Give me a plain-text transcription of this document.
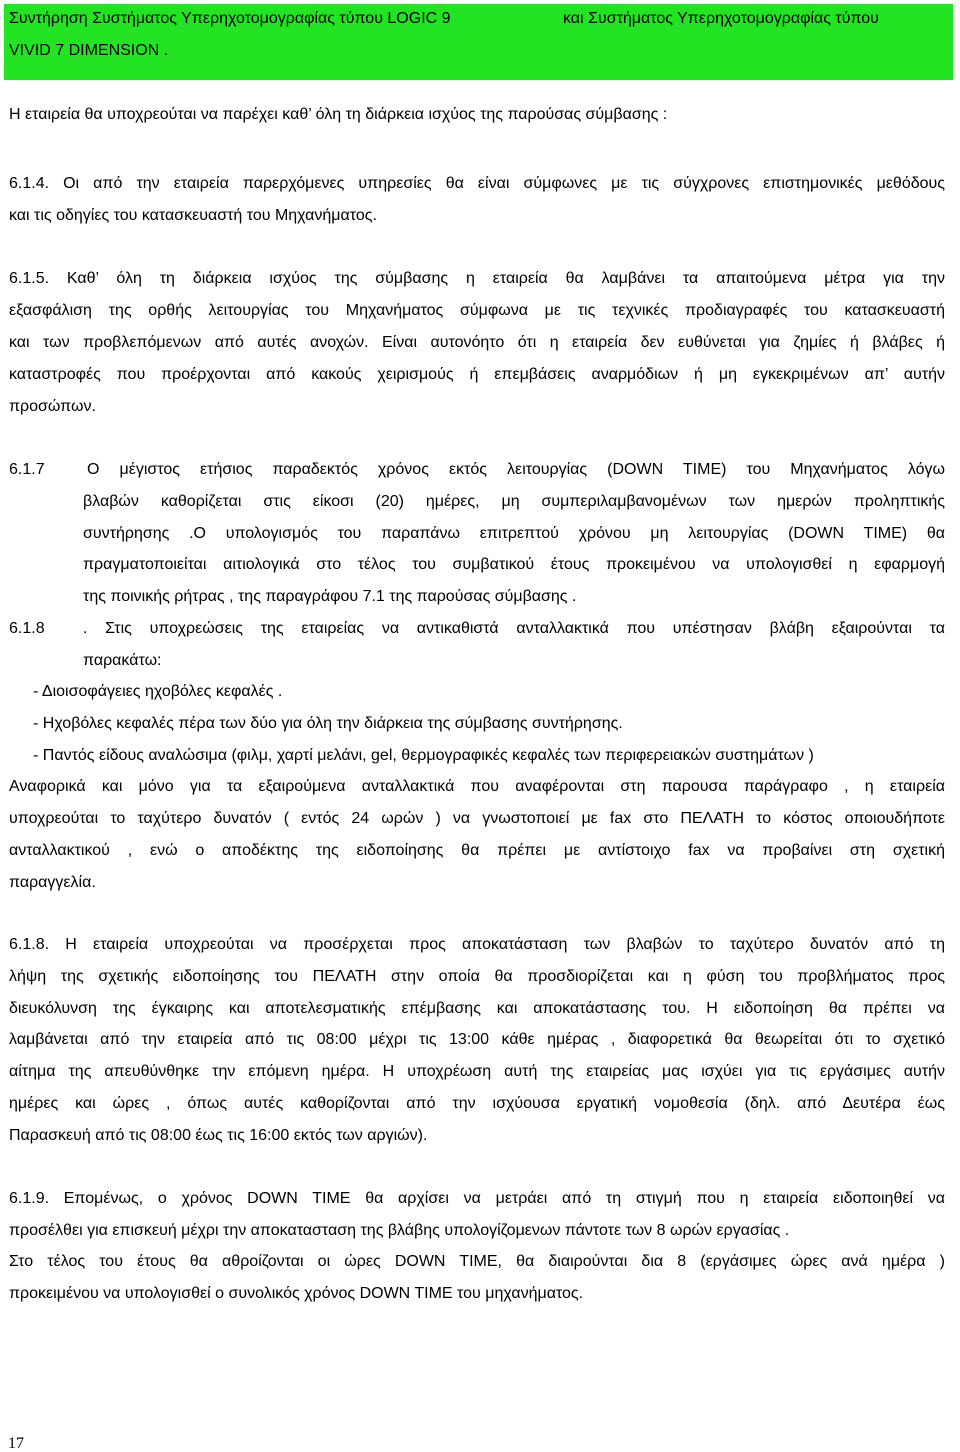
Συντήρηση Συστήματος Υπερηχοτομογραφίας τύπου LOGIC 9	και Συστήματος Υπερηχοτομογραφίας τύπου

VIVID 7 DIMENSION .

Η εταιρεία θα υποχρεούται να παρέχει καθ’ όλη τη διάρκεια ισχύος της παρούσας σύμβασης :

6.1.4. Οι από την εταιρεία παρερχόμενες υπηρεσίες θα είναι σύμφωνες με τις σύγχρονες επιστημονικές μεθόδους

και τις οδηγίες του κατασκευαστή του Μηχανήματος.

6.1.5. Καθ’ όλη τη διάρκεια ισχύος της σύμβασης η εταιρεία θα λαμβάνει τα απαιτούμενα μέτρα για την

εξασφάλιση της ορθής λειτουργίας του Μηχανήματος σύμφωνα με τις τεχνικές προδιαγραφές του κατασκευαστή

και των προβλεπόμενων από αυτές ανοχών. Είναι αυτονόητο ότι η εταιρεία δεν ευθύνεται για ζημίες ή βλάβες ή

καταστροφές που προέρχονται από κακούς χειρισμούς ή επεμβάσεις αναρμόδιων ή μη εγκεκριμένων απ’ αυτήν

προσώπων.

6.1.7	Ο μέγιστος ετήσιος παραδεκτός χρόνος εκτός λειτουργίας (DOWN TIME) του Μηχανήματος λόγω

βλαβών καθορίζεται στις είκοσι (20) ημέρες, μη συμπεριλαμβανομένων των ημερών προληπτικής

συντήρησης .Ο υπολογισμός του παραπάνω επιτρεπτού χρόνου μη λειτουργίας (DOWN TIME) θα

πραγματοποιείται αιτιολογικά στο τέλος του συμβατικού έτους προκειμένου να υπολογισθεί η εφαρμογή

της ποινικής ρήτρας , της παραγράφου 7.1 της παρούσας σύμβασης .

6.1.8 . Στις υποχρεώσεις της εταιρείας να αντικαθιστά ανταλλακτικά που υπέστησαν βλάβη εξαιρούνται τα

παρακάτω:

- Διοισοφάγειες ηχοβόλες κεφαλές .

- Ηχοβόλες κεφαλές πέρα των δύο για όλη την διάρκεια της σύμβασης συντήρησης.

- Παντός είδους αναλώσιμα (φιλμ, χαρτί μελάνι, gel, θερμογραφικές κεφαλές των περιφερειακών συστημάτων )

Αναφορικά και μόνο για τα εξαιρούμενα ανταλλακτικά που αναφέρονται στη παρουσα παράγραφο , η εταιρεία

υποχρεούται το ταχύτερο δυνατόν ( εντός 24 ωρών ) να γνωστοποιεί με fax στο ΠΕΛΑΤΗ το κόστος οποιουδήποτε

ανταλλακτικού , ενώ ο αποδέκτης της ειδοποίησης θα πρέπει με αντίστοιχο fax να προβαίνει στη σχετική

παραγγελία.

6.1.8. Η εταιρεία υποχρεούται να προσέρχεται προς αποκατάσταση των βλαβών το ταχύτερο δυνατόν από τη

λήψη της σχετικής ειδοποίησης του ΠΕΛΑΤΗ στην οποία θα προσδιορίζεται και η φύση του προβλήματος προς

διευκόλυνση της έγκαιρης και αποτελεσματικής επέμβασης και αποκατάστασης του. Η ειδοποίηση θα πρέπει να

λαμβάνεται από την εταιρεία από τις 08:00 μέχρι τις 13:00 κάθε ημέρας , διαφορετικά θα θεωρείται ότι το σχετικό

αίτημα της απευθύνθηκε την επόμενη ημέρα. Η υποχρέωση αυτή της εταιρείας μας ισχύει για τις εργάσιμες αυτήν

ημέρες και ώρες , όπως αυτές καθορίζονται από την ισχύουσα εργατική νομοθεσία (δηλ. από Δευτέρα έως

Παρασκευή από τις 08:00 έως τις 16:00 εκτός των αργιών).

6.1.9. Επομένως, ο χρόνος DOWN TIME θα αρχίσει να μετράει από τη στιγμή που η εταιρεία ειδοποιηθεί να

προσέλθει για επισκευή μέχρι την αποκατασταση της βλάβης υπολογίζομενων πάντοτε των 8 ωρών εργασίας .

Στο τέλος του έτους θα αθροίζονται οι ώρες DOWN TIME, θα διαιρούνται δια 8 (εργάσιμες ώρες ανά ημέρα )

προκειμένου να υπολογισθεί ο συνολικός χρόνος DOWN TIME του μηχανήματος.

17
